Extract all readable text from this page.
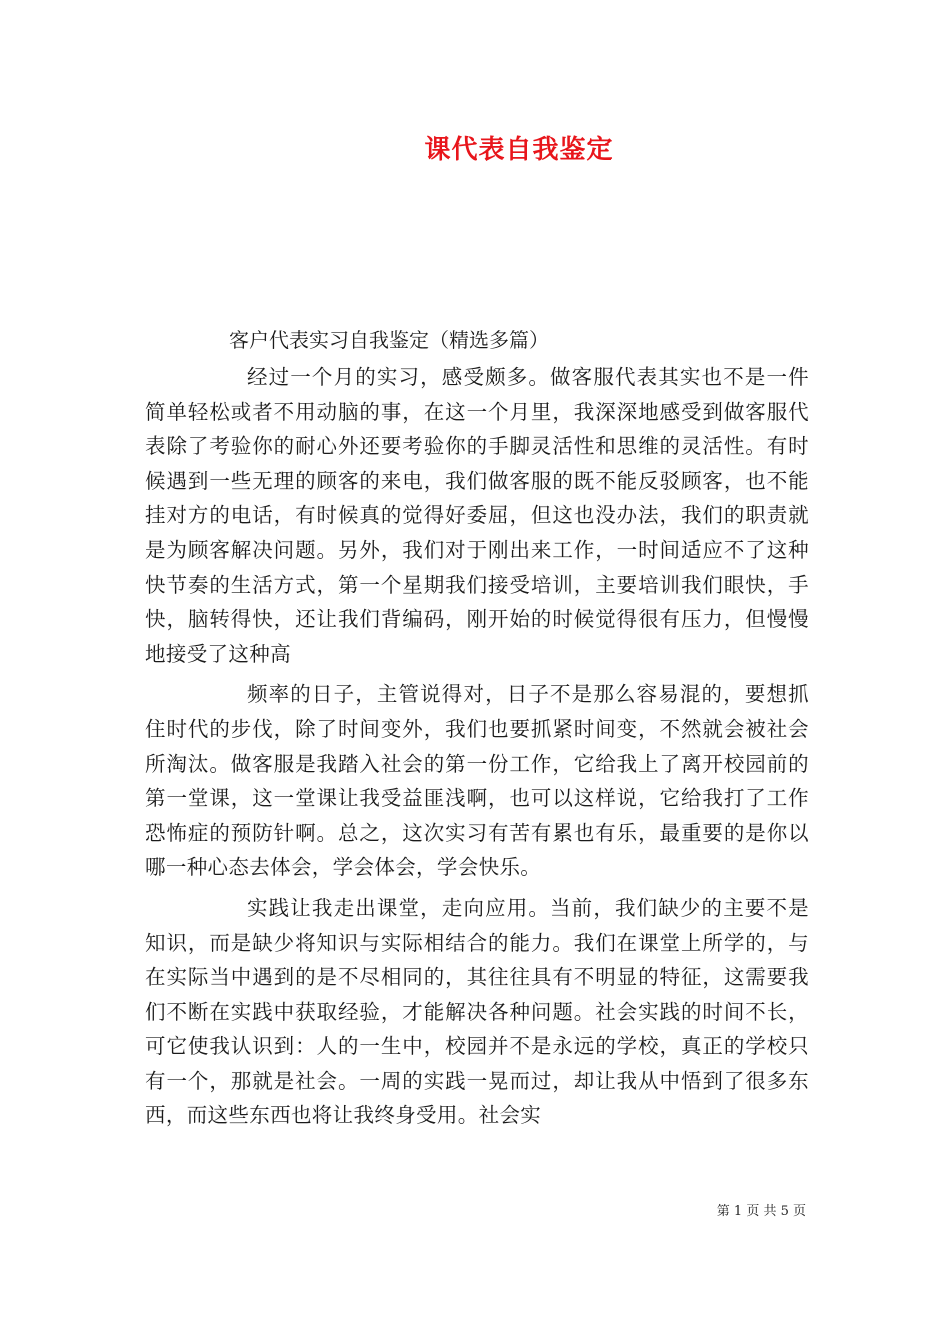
课代表自我鉴定
客户代表实习自我鉴定（精选多篇）

经过一个月的实习，感受颇多。做客服代表其实也不是一件简单轻松或者不用动脑的事，在这一个月里，我深深地感受到做客服代表除了考验你的耐心外还要考验你的手脚灵活性和思维的灵活性。有时候遇到一些无理的顾客的来电，我们做客服的既不能反驳顾客，也不能挂对方的电话，有时候真的觉得好委屈，但这也没办法，我们的职责就是为顾客解决问题。另外，我们对于刚出来工作，一时间适应不了这种快节奏的生活方式，第一个星期我们接受培训，主要培训我们眼快，手快，脑转得快，还让我们背编码，刚开始的时候觉得很有压力，但慢慢地接受了这种高

频率的日子，主管说得对，日子不是那么容易混的，要想抓住时代的步伐，除了时间变外，我们也要抓紧时间变，不然就会被社会所淘汰。做客服是我踏入社会的第一份工作，它给我上了离开校园前的第一堂课，这一堂课让我受益匪浅啊，也可以这样说，它给我打了工作恐怖症的预防针啊。总之，这次实习有苦有累也有乐，最重要的是你以哪一种心态去体会，学会体会，学会快乐。

实践让我走出课堂，走向应用。当前，我们缺少的主要不是知识，而是缺少将知识与实际相结合的能力。我们在课堂上所学的，与在实际当中遇到的是不尽相同的，其往往具有不明显的特征，这需要我们不断在实践中获取经验，才能解决各种问题。社会实践的时间不长，可它使我认识到：人的一生中，校园并不是永远的学校，真正的学校只有一个，那就是社会。一周的实践一晃而过，却让我从中悟到了很多东西，而这些东西也将让我终身受用。社会实

第 1 页 共 5 页
